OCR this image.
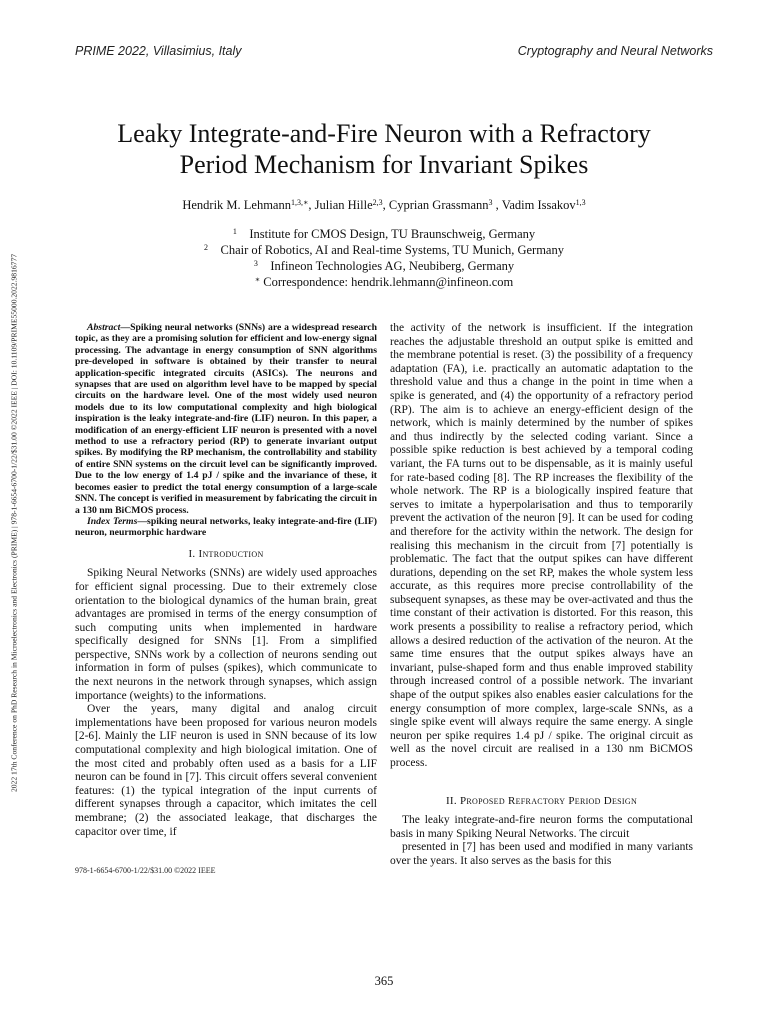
PRIME 2022, Villasimius, Italy	Cryptography and Neural Networks
2022 17th Conference on PhD Research in Microelectronics and Electronics (PRIME) | 978-1-6654-6700-1/22/$31.00 ©2022 IEEE | DOI: 10.1109/PRIME55000.2022.9816777
Leaky Integrate-and-Fire Neuron with a Refractory
Period Mechanism for Invariant Spikes
Hendrik M. Lehmann$^{1,3,∗}$, Julian Hille$^{2,3}$, Cyprian Grassmann$^3$ , Vadim Issakov$^{1,3}$
$^1$ Institute for CMOS Design, TU Braunschweig, Germany
$^2$ Chair of Robotics, AI and Real-time Systems, TU Munich, Germany
$^3$ Infineon Technologies AG, Neubiberg, Germany
∗ Correspondence: hendrik.lehmann@infineon.com

Abstract—Spiking neural networks (SNNs) are a widespread research topic, as they are a promising solution for efficient and low-energy signal processing. The advantage in energy consumption of SNN algorithms pre-developed in software is obtained by their transfer to neural application-specific integrated circuits (ASICs). The neurons and synapses that are used on algorithm level have to be mapped by special circuits on the hardware level. One of the most widely used neuron models due to its low computational complexity and high biological inspiration is the leaky integrate-and-fire (LIF) neuron. In this paper, a modification of an energy-efficient LIF neuron is presented with a novel method to use a refractory period (RP) to generate invariant output spikes. By modifying the RP mechanism, the controllability and stability of entire SNN systems on the circuit level can be significantly improved. Due to the low energy of 1.4 pJ / spike and the invariance of these, it becomes easier to predict the total energy consumption of a large-scale SNN. The concept is verified in measurement by fabricating the circuit in a 130 nm BiCMOS process.

Index Terms—spiking neural networks, leaky integrate-and-fire (LIF) neuron, neurmorphic hardware

I. Introduction

Spiking Neural Networks (SNNs) are widely used approaches for efficient signal processing. Due to their extremely close orientation to the biological dynamics of the human brain, great advantages are promised in terms of the energy consumption of such computing units when implemented in hardware specifically designed for SNNs [1]. From a simplified perspective, SNNs work by a collection of neurons sending out information in form of pulses (spikes), which communicate to the next neurons in the network through synapses, which assign importance (weights) to the informations.

Over the years, many digital and analog circuit implementations have been proposed for various neuron models [2-6]. Mainly the LIF neuron is used in SNN because of its low computational complexity and high biological imitation. One of the most cited and probably often used as a basis for a LIF neuron can be found in [7]. This circuit offers several convenient features: (1) the typical integration of the input currents of different synapses through a capacitor, which imitates the cell membrane; (2) the associated leakage, that discharges the capacitor over time, if

the activity of the network is insufficient. If the integration reaches the adjustable threshold an output spike is emitted and the membrane potential is reset. (3) the possibility of a frequency adaptation (FA), i.e. practically an automatic adaptation to the threshold value and thus a change in the point in time when a spike is generated, and (4) the opportunity of a refractory period (RP). The aim is to achieve an energy-efficient design of the network, which is mainly determined by the number of spikes and thus indirectly by the selected coding variant. Since a possible spike reduction is best achieved by a temporal coding variant, the FA turns out to be dispensable, as it is mainly useful for rate-based coding [8]. The RP increases the flexibility of the whole network. The RP is a biologically inspired feature that serves to imitate a hyperpolarisation and thus to temporarily prevent the activation of the neuron [9]. It can be used for coding and therefore for the activity within the network. The design for realising this mechanism in the circuit from [7] potentially is problematic. The fact that the output spikes can have different durations, depending on the set RP, makes the whole system less accurate, as this requires more precise controllability of the subsequent synapses, as these may be over-activated and thus the time constant of their activation is distorted. For this reason, this work presents a possibility to realise a refractory period, which allows a desired reduction of the activation of the neuron. At the same time ensures that the output spikes always have an invariant, pulse-shaped form and thus enable improved stability through increased control of a possible network. The invariant shape of the output spikes also enables easier calculations for the energy consumption of more complex, large-scale SNNs, as a single spike event will always require the same energy. A single neuron per spike requires 1.4 pJ / spike. The original circuit as well as the novel circuit are realised in a 130 nm BiCMOS process.

II. Proposed Refractory Period Design

The leaky integrate-and-fire neuron forms the computational basis in many Spiking Neural Networks. The circuit

presented in [7] has been used and modified in many variants over the years. It also serves as the basis for this

978-1-6654-6700-1/22/$31.00 ©2022 IEEE
365
